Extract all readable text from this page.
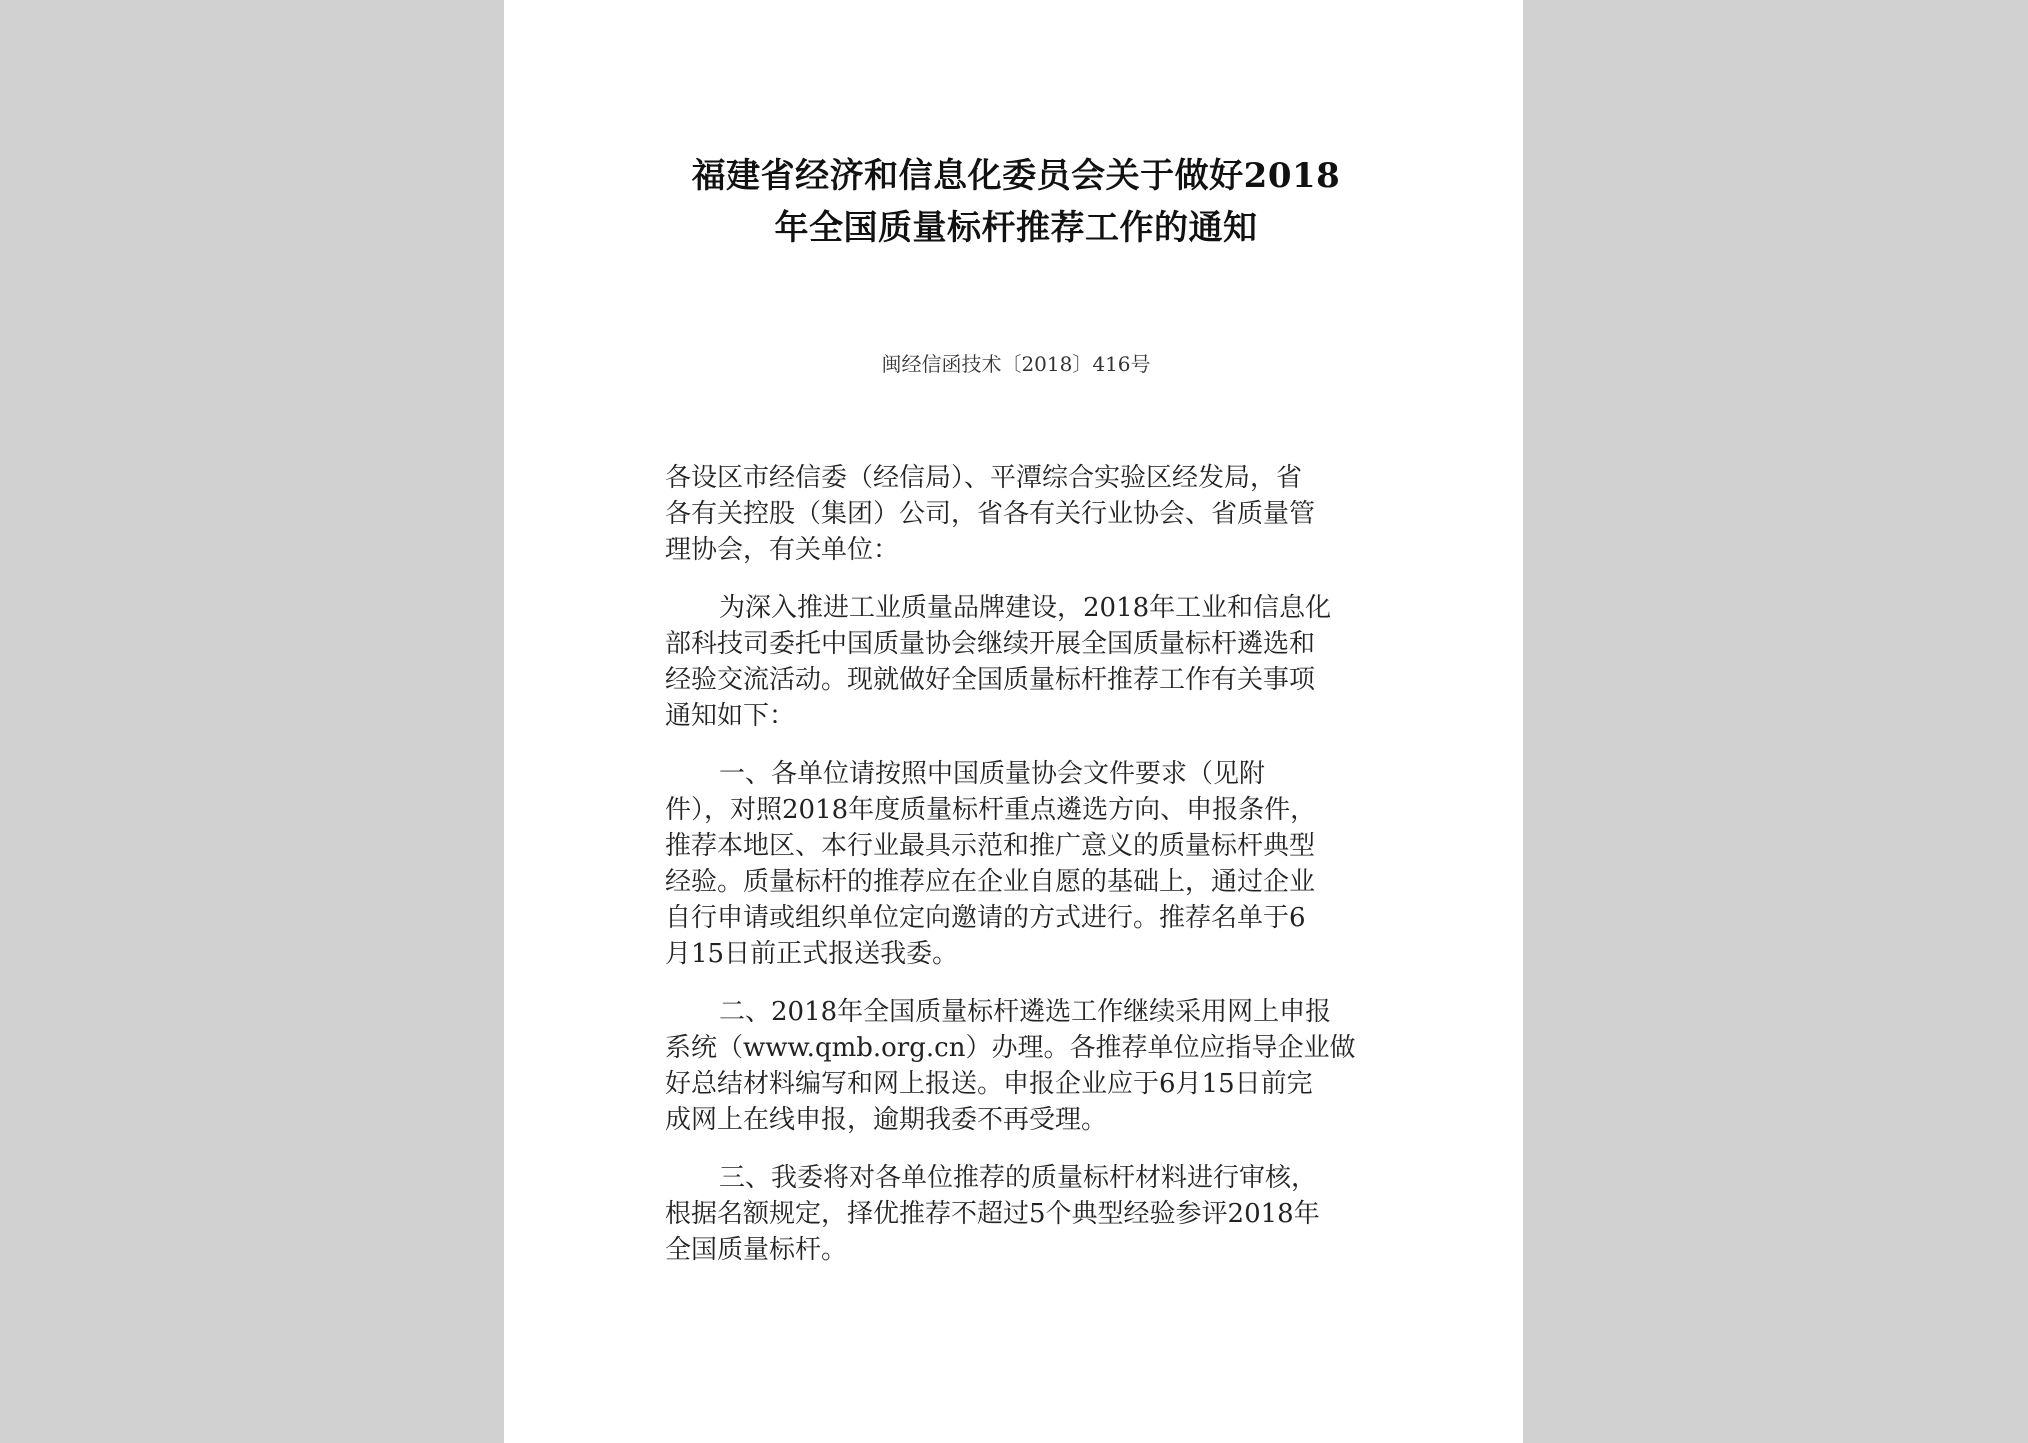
福建省经济和信息化委员会关于做好2018
年全国质量标杆推荐工作的通知
闽经信函技术〔2018〕416号

各设区市经信委（经信局）、平潭综合实验区经发局，省
各有关控股（集团）公司，省各有关行业协会、省质量管
理协会，有关单位：

为深入推进工业质量品牌建设，2018年工业和信息化
部科技司委托中国质量协会继续开展全国质量标杆遴选和
经验交流活动。现就做好全国质量标杆推荐工作有关事项
通知如下：

一、各单位请按照中国质量协会文件要求（见附
件），对照2018年度质量标杆重点遴选方向、申报条件，
推荐本地区、本行业最具示范和推广意义的质量标杆典型
经验。质量标杆的推荐应在企业自愿的基础上，通过企业
自行申请或组织单位定向邀请的方式进行。推荐名单于6
月15日前正式报送我委。

二、2018年全国质量标杆遴选工作继续采用网上申报
系统（www.qmb.org.cn）办理。各推荐单位应指导企业做
好总结材料编写和网上报送。申报企业应于6月15日前完
成网上在线申报，逾期我委不再受理。

三、我委将对各单位推荐的质量标杆材料进行审核，
根据名额规定，择优推荐不超过5个典型经验参评2018年
全国质量标杆。
